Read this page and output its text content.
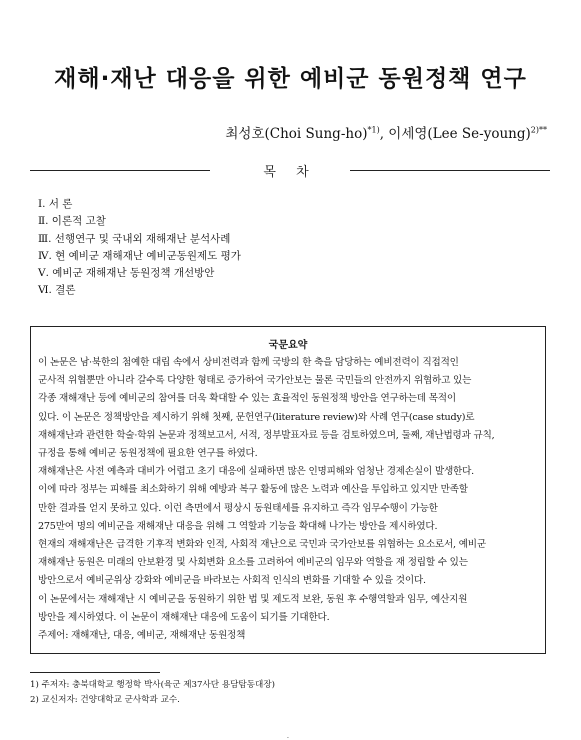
재해·재난 대응을 위한 예비군 동원정책 연구
최성호(Choi Sung-ho)$^{*1)}$, 이세영(Lee Se-young)$^{2)**}$
목 차
Ⅰ. 서 론
Ⅱ. 이론적 고찰
Ⅲ. 선행연구 및 국내외 재해재난 분석사례
Ⅳ. 현 예비군 재해재난 예비군동원제도 평가
Ⅴ. 예비군 재해재난 동원정책 개선방안
Ⅵ. 결론
국문요약
이 논문은 남·북한의 첨예한 대립 속에서 상비전력과 함께 국방의 한 축을 담당하는 예비전력이 직접적인
군사적 위협뿐만 아니라 갈수록 다양한 형태로 증가하여 국가안보는 물론 국민들의 안전까지 위협하고 있는
각종 재해재난 등에 예비군의 참여를 더욱 확대할 수 있는 효율적인 동원정책 방안을 연구하는데 목적이
있다. 이 논문은 정책방안을 제시하기 위해 첫째, 문헌연구(literature review)와 사례 연구(case study)로
재해재난과 관련한 학술·학위 논문과 정책보고서, 서적, 정부발표자료 등을 검토하였으며, 둘째, 재난법령과 규칙,
규정을 통해 예비군 동원정책에 필요한 연구를 하였다.
재해재난은 사전 예측과 대비가 어렵고 초기 대응에 실패하면 많은 인명피해와 엄청난 경제손실이 발생한다.
이에 따라 정부는 피해를 최소화하기 위해 예방과 복구 활동에 많은 노력과 예산을 투입하고 있지만 만족할
만한 결과를 얻지 못하고 있다. 이런 측면에서 평상시 동원태세를 유지하고 즉각 임무수행이 가능한
275만여 명의 예비군을 재해재난 대응을 위해 그 역할과 기능을 확대해 나가는 방안을 제시하였다.
현재의 재해재난은 급격한 기후적 변화와 인적, 사회적 재난으로 국민과 국가안보를 위협하는 요소로서, 예비군
재해재난 동원은 미래의 안보환경 및 사회변화 요소를 고려하여 예비군의 임무와 역할을 재 정립할 수 있는
방안으로서 예비군위상 강화와 예비군을 바라보는 사회적 인식의 변화를 기대할 수 있을 것이다.
이 논문에서는 재해재난 시 예비군을 동원하기 위한 법 및 제도적 보완, 동원 후 수행역할과 임무, 예산지원
방안을 제시하였다. 이 논문이 재해재난 대응에 도움이 되기를 기대한다.
주제어: 재해재난, 대응, 예비군, 재해재난 동원정책
1) 주저자: 충북대학교 행정학 박사(육군 제37사단 용담탐동대장)
2) 교신저자: 건양대학교 군사학과 교수.
.
